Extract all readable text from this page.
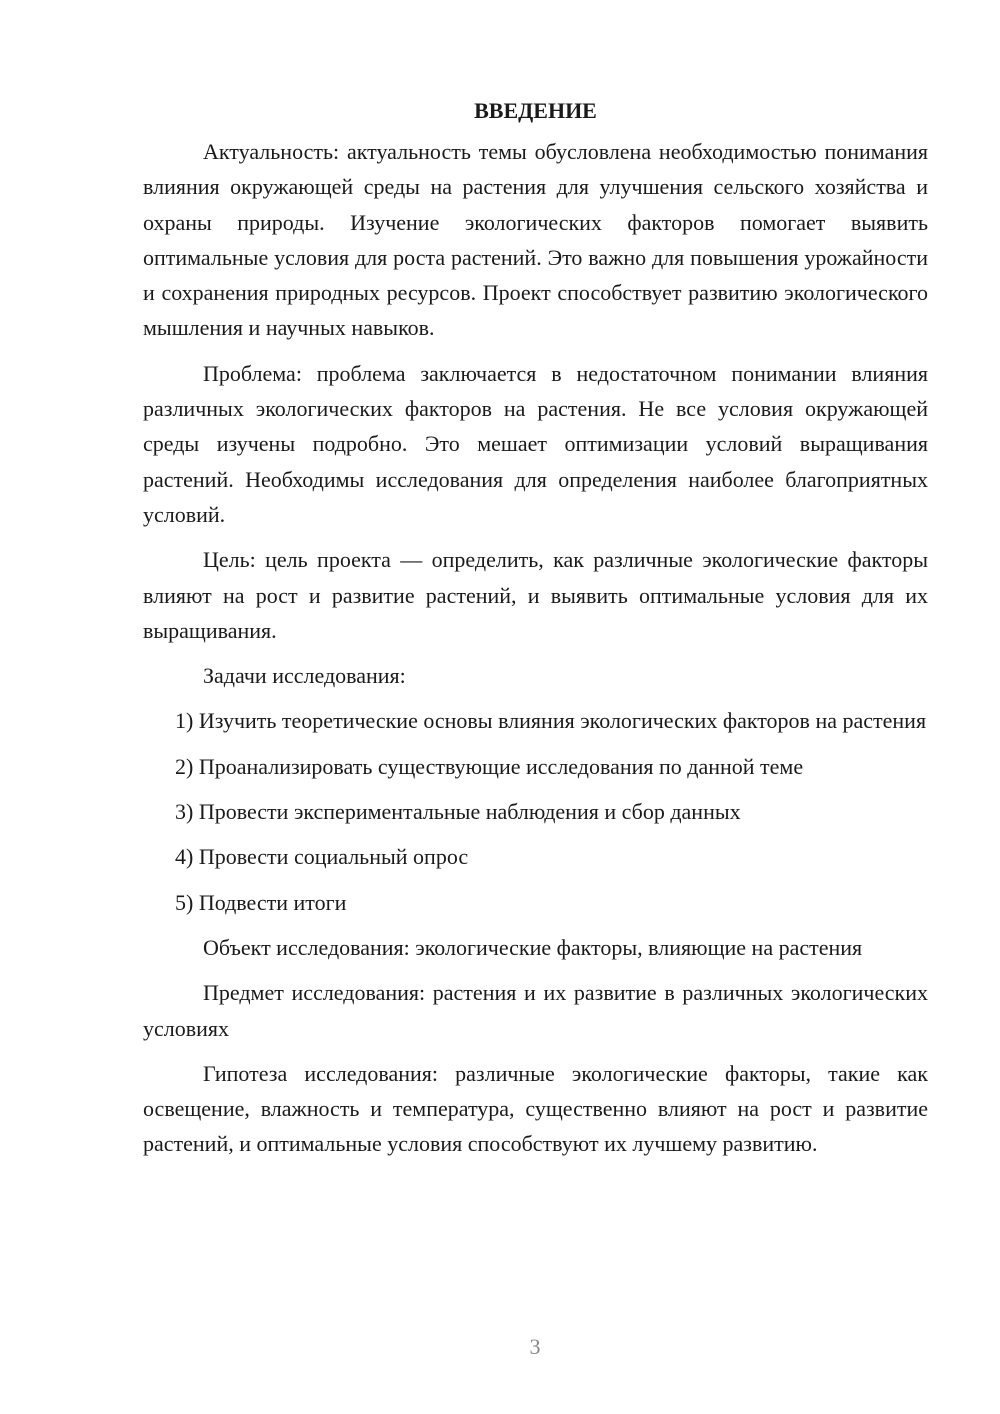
ВВЕДЕНИЕ

Актуальность: актуальность темы обусловлена необходимостью понимания влияния окружающей среды на растения для улучшения сельского хозяйства и охраны природы. Изучение экологических факторов помогает выявить оптимальные условия для роста растений. Это важно для повышения урожайности и сохранения природных ресурсов. Проект способствует развитию экологического мышления и научных навыков.

Проблема: проблема заключается в недостаточном понимании влияния различных экологических факторов на растения. Не все условия окружающей среды изучены подробно. Это мешает оптимизации условий выращивания растений. Необходимы исследования для определения наиболее благоприятных условий.

Цель: цель проекта — определить, как различные экологические факторы влияют на рост и развитие растений, и выявить оптимальные условия для их выращивания.

Задачи исследования:

1) Изучить теоретические основы влияния экологических факторов на растения

2) Проанализировать существующие исследования по данной теме

3) Провести экспериментальные наблюдения и сбор данных

4) Провести социальный опрос

5) Подвести итоги

Объект исследования: экологические факторы, влияющие на растения

Предмет исследования: растения и их развитие в различных экологических условиях

Гипотеза исследования: различные экологические факторы, такие как освещение, влажность и температура, существенно влияют на рост и развитие растений, и оптимальные условия способствуют их лучшему развитию.

3
